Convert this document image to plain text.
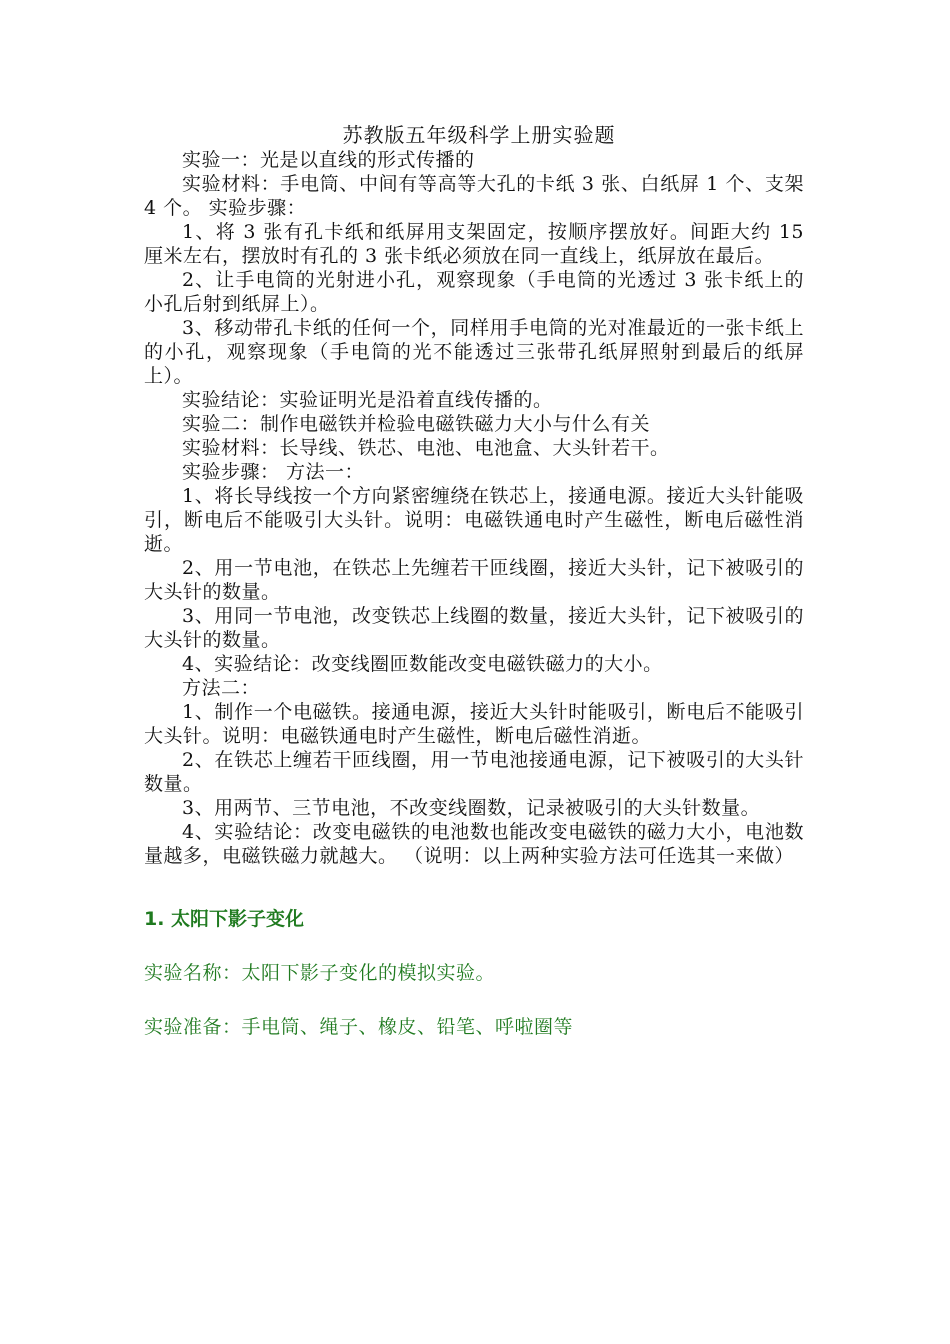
苏教版五年级科学上册实验题

实验一：光是以直线的形式传播的

实验材料：手电筒、中间有等高等大孔的卡纸 3 张、白纸屏 1 个、支架 4 个。 实验步骤：

1、将 3 张有孔卡纸和纸屏用支架固定，按顺序摆放好。间距大约 15 厘米左右，摆放时有孔的 3 张卡纸必须放在同一直线上，纸屏放在最后。

2、让手电筒的光射进小孔，观察现象（手电筒的光透过 3 张卡纸上的小孔后射到纸屏上）。

3、移动带孔卡纸的任何一个，同样用手电筒的光对准最近的一张卡纸上的小孔，观察现象（手电筒的光不能透过三张带孔纸屏照射到最后的纸屏上）。

实验结论：实验证明光是沿着直线传播的。

实验二：制作电磁铁并检验电磁铁磁力大小与什么有关

实验材料：长导线、铁芯、电池、电池盒、大头针若干。

实验步骤： 方法一：

1、将长导线按一个方向紧密缠绕在铁芯上，接通电源。接近大头针能吸引，断电后不能吸引大头针。说明：电磁铁通电时产生磁性，断电后磁性消逝。

2、用一节电池，在铁芯上先缠若干匝线圈，接近大头针，记下被吸引的大头针的数量。

3、用同一节电池，改变铁芯上线圈的数量，接近大头针，记下被吸引的大头针的数量。

4、实验结论：改变线圈匝数能改变电磁铁磁力的大小。

方法二：

1、制作一个电磁铁。接通电源，接近大头针时能吸引，断电后不能吸引大头针。说明：电磁铁通电时产生磁性，断电后磁性消逝。

2、在铁芯上缠若干匝线圈，用一节电池接通电源，记下被吸引的大头针数量。

3、用两节、三节电池，不改变线圈数，记录被吸引的大头针数量。

4、实验结论：改变电磁铁的电池数也能改变电磁铁的磁力大小，电池数量越多，电磁铁磁力就越大。 （说明：以上两种实验方法可任选其一来做）

1. 太阳下影子变化
实验名称：太阳下影子变化的模拟实验。
实验准备：手电筒、绳子、橡皮、铅笔、呼啦圈等
